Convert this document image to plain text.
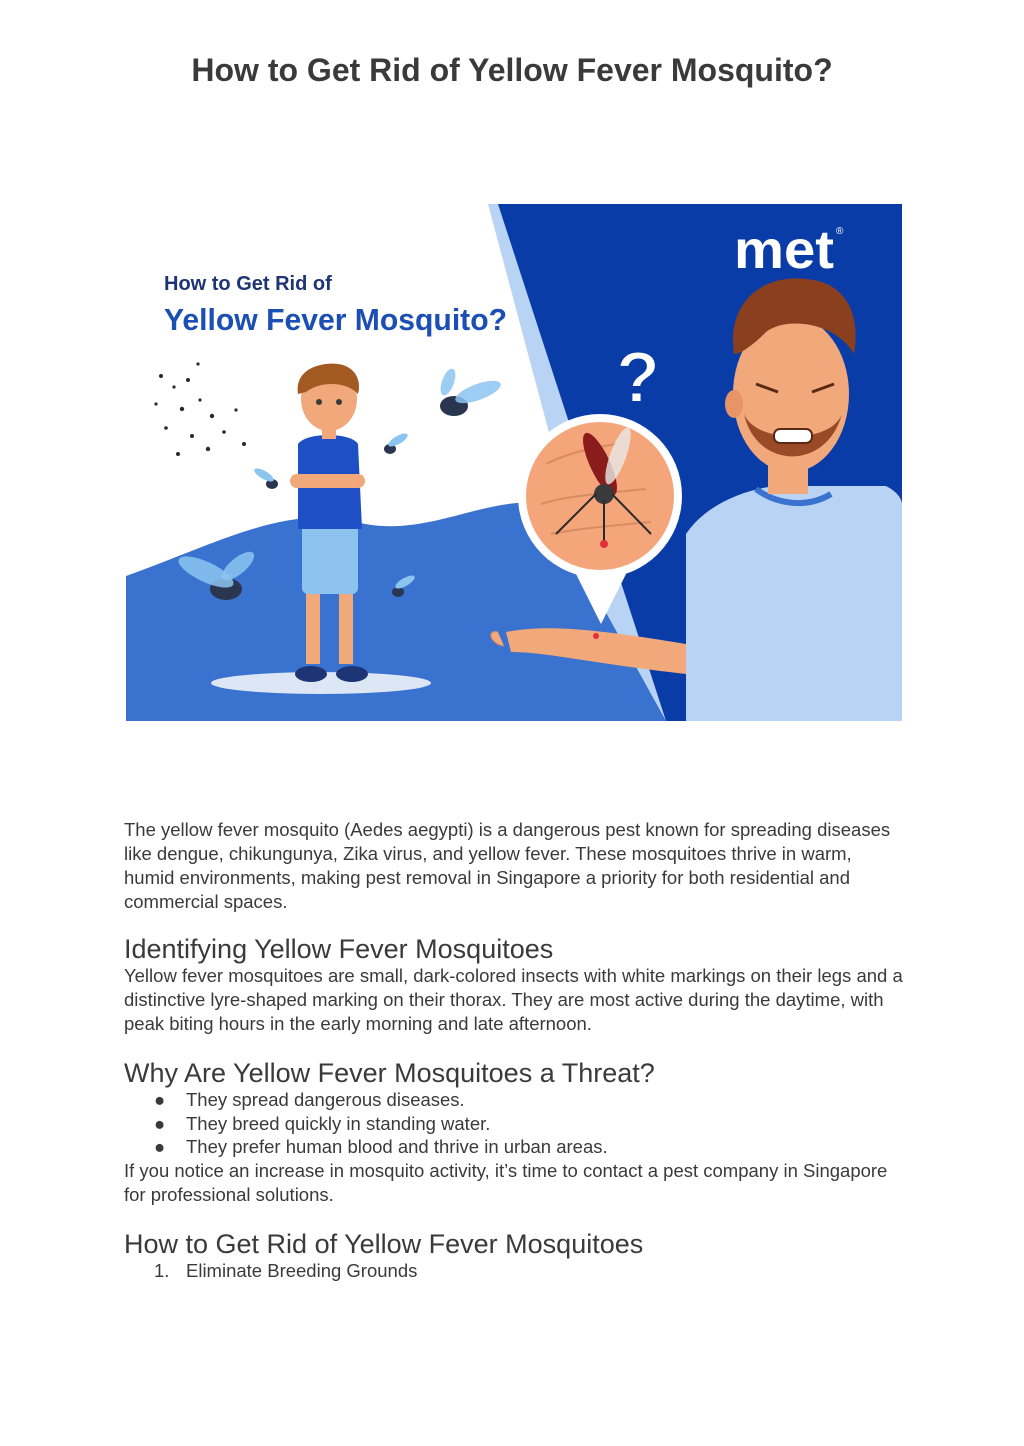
How to Get Rid of Yellow Fever Mosquito?
How to Get Rid of
Yellow Fever Mosquito?
met ®
?

The yellow fever mosquito (Aedes aegypti) is a dangerous pest known for spreading diseases like dengue, chikungunya, Zika virus, and yellow fever. These mosquitoes thrive in warm, humid environments, making pest removal in Singapore a priority for both residential and commercial spaces.

Identifying Yellow Fever Mosquitoes

Yellow fever mosquitoes are small, dark-colored insects with white markings on their legs and a distinctive lyre-shaped marking on their thorax. They are most active during the daytime, with peak biting hours in the early morning and late afternoon.

Why Are Yellow Fever Mosquitoes a Threat?
●	They spread dangerous diseases.
●	They breed quickly in standing water.
●	They prefer human blood and thrive in urban areas.

If you notice an increase in mosquito activity, it’s time to contact a pest company in Singapore for professional solutions.

How to Get Rid of Yellow Fever Mosquitoes
1. Eliminate Breeding Grounds
